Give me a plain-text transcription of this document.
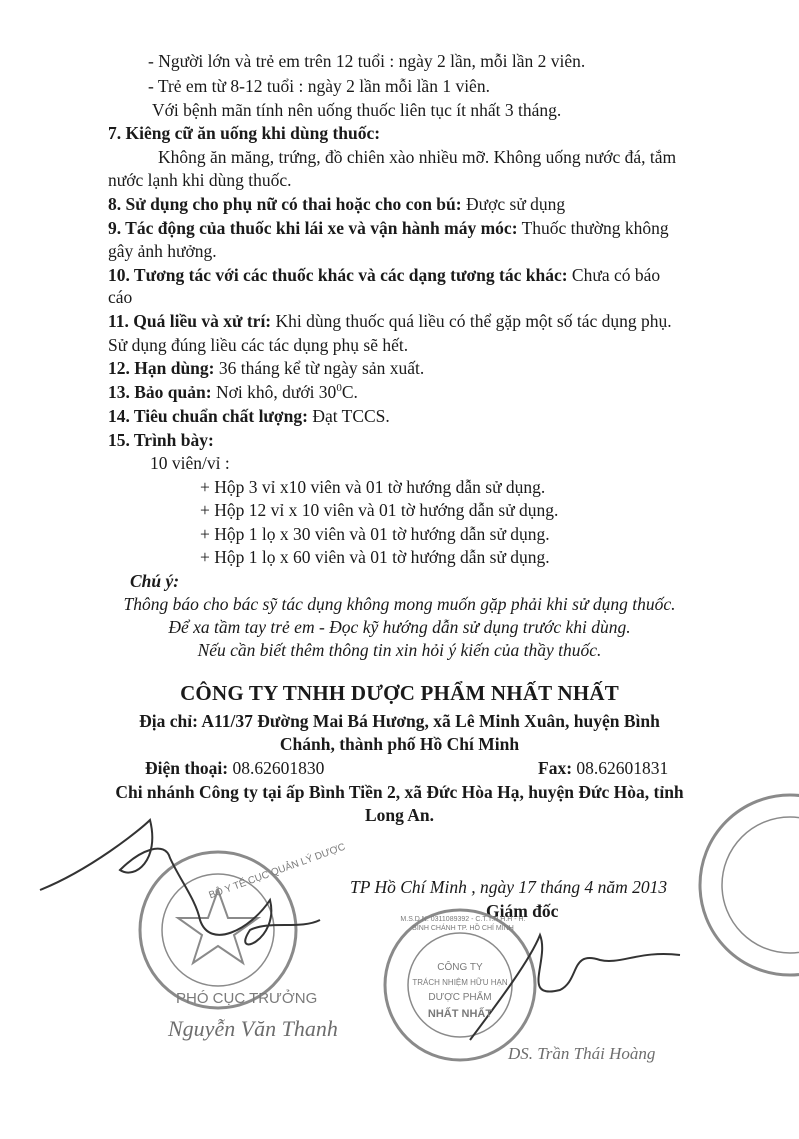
- Người lớn và trẻ em trên 12 tuổi : ngày 2 lần, mỗi lần 2 viên.
- Trẻ em từ 8-12 tuổi : ngày 2 lần mỗi lần 1 viên.
Với bệnh mãn tính nên uống thuốc liên tục ít nhất 3 tháng.
7. Kiêng cữ ăn uống khi dùng thuốc:
Không ăn măng, trứng, đồ chiên xào nhiều mỡ. Không uống nước đá, tắm
nước lạnh khi dùng thuốc.
8. Sử dụng cho phụ nữ có thai hoặc cho con bú: Được sử dụng
9. Tác động của thuốc khi lái xe và vận hành máy móc: Thuốc thường không
gây ảnh hưởng.
10. Tương tác với các thuốc khác và các dạng tương tác khác: Chưa có báo
cáo
11. Quá liều và xử trí: Khi dùng thuốc quá liều có thể gặp một số tác dụng phụ.
Sử dụng đúng liều các tác dụng phụ sẽ hết.
12. Hạn dùng: 36 tháng kể từ ngày sản xuất.
13. Bảo quản: Nơi khô, dưới $30^0C$.
14. Tiêu chuẩn chất lượng: Đạt TCCS.
15. Trình bày:
10 viên/vỉ :
+ Hộp 3 vỉ x10 viên và 01 tờ hướng dẫn sử dụng.
+ Hộp 12 vỉ x 10 viên và 01 tờ hướng dẫn sử dụng.
+ Hộp 1 lọ x 30 viên và 01 tờ hướng dẫn sử dụng.
+ Hộp 1 lọ x 60 viên và 01 tờ hướng dẫn sử dụng.
Chú ý:
Thông báo cho bác sỹ tác dụng không mong muốn gặp phải khi sử dụng thuốc.
Để xa tầm tay trẻ em - Đọc kỹ hướng dẫn sử dụng trước khi dùng.
Nếu cần biết thêm thông tin xin hỏi ý kiến của thầy thuốc.
CÔNG TY TNHH DƯỢC PHẨM NHẤT NHẤT
Địa chỉ: A11/37 Đường Mai Bá Hương, xã Lê Minh Xuân, huyện Bình
Chánh, thành phố Hồ Chí Minh
Điện thoại: 08.62601830	Fax: 08.62601831
Chi nhánh Công ty tại ấp Bình Tiền 2, xã Đức Hòa Hạ, huyện Đức Hòa, tỉnh
Long An.
TP Hồ Chí Minh , ngày 17 tháng 4 năm 2013
Giám đốc
BỘ Y TẾ CỤC QUẢN LÝ DƯỢC
PHÓ CỤC TRƯỞNG
Nguyễn Văn Thanh
M.S.D.N: 0311089392 - C.T.T.N.H.H - H. BÌNH CHÁNH TP. HỒ CHÍ MINH
CÔNG TY
TRÁCH NHIỆM HỮU HẠN
DƯỢC PHẨM
NHẤT NHẤT
DS. Trần Thái Hoàng
